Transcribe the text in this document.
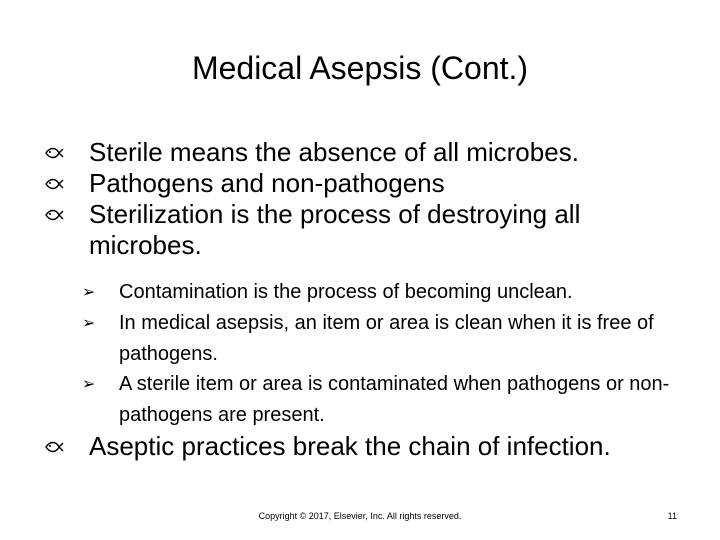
Medical Asepsis (Cont.)
Sterile means the absence of all microbes.
Pathogens and non-pathogens
Sterilization is the process of destroying all microbes.
➢ Contamination is the process of becoming unclean.
➢ In medical asepsis, an item or area is clean when it is free of pathogens.
➢ A sterile item or area is contaminated when pathogens or non-pathogens are present.
Aseptic practices break the chain of infection.
Copyright © 2017, Elsevier, Inc. All rights reserved.	11
